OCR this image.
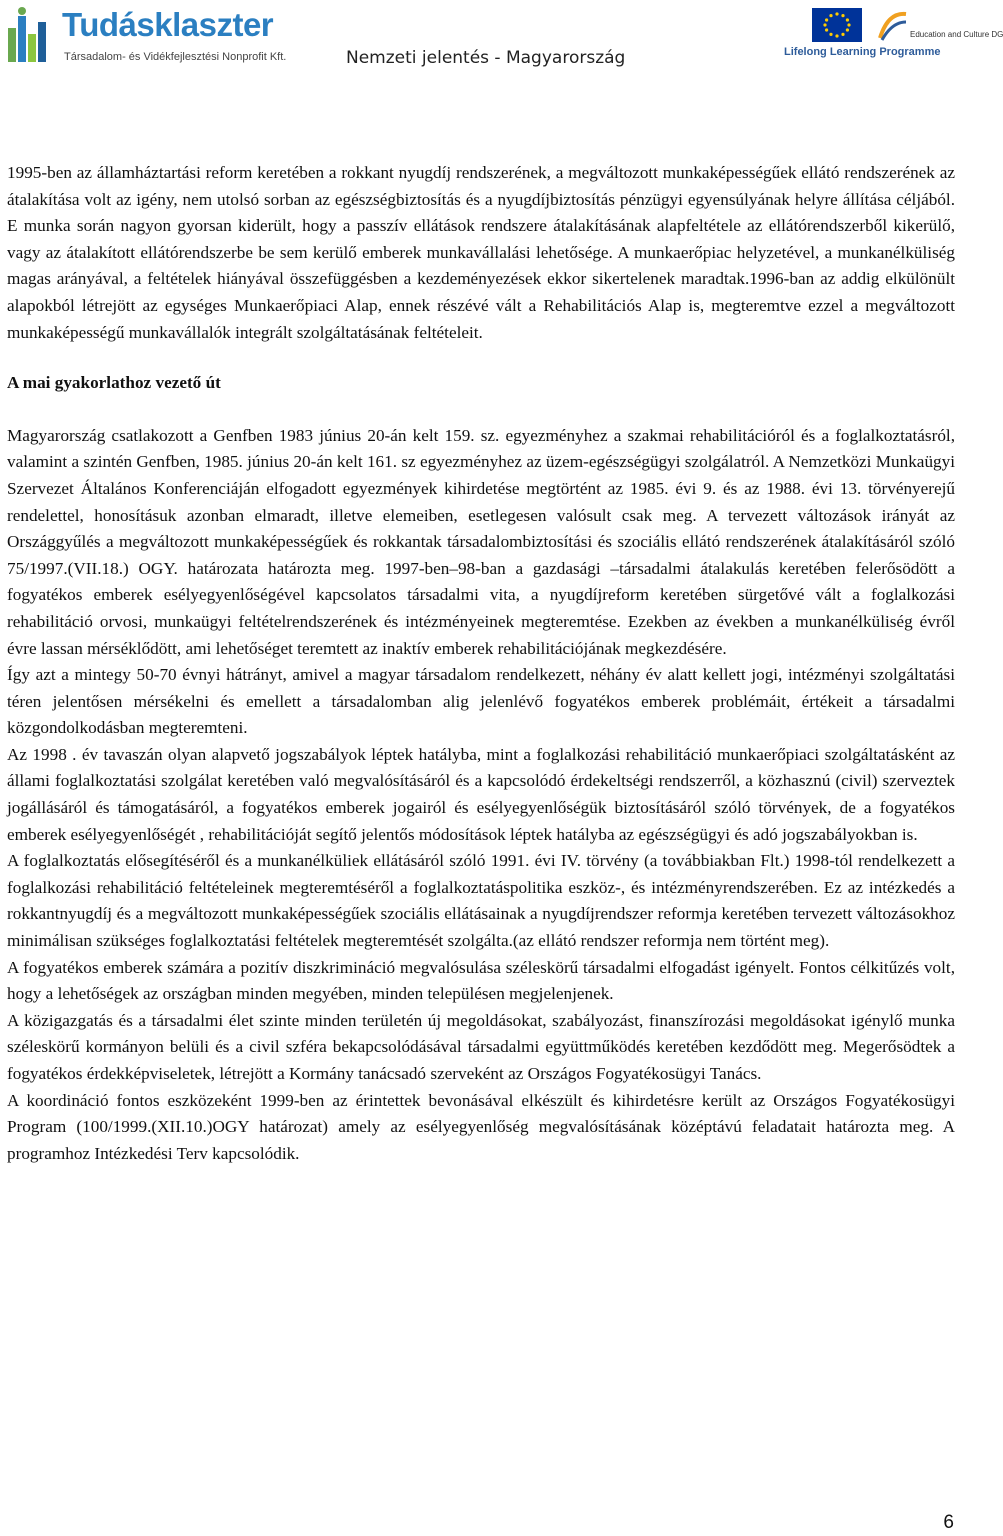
Tudásklaszter
Társadalom- és Vidékfejlesztési Nonprofit Kft.	Nemzeti jelentés - Magyarország
Education and Culture DG
Lifelong Learning Programme

1995-ben az államháztartási reform keretében a rokkant nyugdíj rendszerének, a megváltozott munkaképességűek ellátó rendszerének az átalakítása volt az igény, nem utolsó sorban az egészségbiztosítás és a nyugdíjbiztosítás pénzügyi egyensúlyának helyre állítása céljából. E munka során nagyon gyorsan kiderült, hogy a passzív ellátások rendszere átalakításának alapfeltétele az ellátórendszerből kikerülő, vagy az átalakított ellátórendszerbe be sem kerülő emberek munkavállalási lehetősége. A munkaerőpiac helyzetével, a munkanélküliség magas arányával, a feltételek hiányával összefüggésben a kezdeményezések ekkor sikertelenek maradtak.1996-ban az addig elkülönült alapokból létrejött az egységes Munkaerőpiaci Alap, ennek részévé vált a Rehabilitációs Alap is, megteremtve ezzel a megváltozott munkaképességű munkavállalók integrált szolgáltatásának feltételeit.

A mai gyakorlathoz vezető út

Magyarország csatlakozott a Genfben 1983 június 20-án kelt 159. sz. egyezményhez a szakmai rehabilitációról és a foglalkoztatásról, valamint a szintén Genfben, 1985. június 20-án kelt 161. sz egyezményhez az üzem-egészségügyi szolgálatról. A Nemzetközi Munkaügyi Szervezet Általános Konferenciáján elfogadott egyezmények kihirdetése megtörtént az 1985. évi 9. és az 1988. évi 13. törvényerejű rendelettel, honosításuk azonban elmaradt, illetve elemeiben, esetlegesen valósult csak meg. A tervezett változások irányát az Országgyűlés a megváltozott munkaképességűek és rokkantak társadalombiztosítási és szociális ellátó rendszerének átalakításáról szóló 75/1997.(VII.18.) OGY. határozata határozta meg. 1997-ben–98-ban a gazdasági –társadalmi átalakulás keretében felerősödött a fogyatékos emberek esélyegyenlőségével kapcsolatos társadalmi vita, a nyugdíjreform keretében sürgetővé vált a foglalkozási rehabilitáció orvosi, munkaügyi feltételrendszerének és intézményeinek megteremtése. Ezekben az években a munkanélküliség évről évre lassan mérséklődött, ami lehetőséget teremtett az inaktív emberek rehabilitációjának megkezdésére.

Így azt a mintegy 50-70 évnyi hátrányt, amivel a magyar társadalom rendelkezett, néhány év alatt kellett jogi, intézményi szolgáltatási téren jelentősen mérsékelni és emellett a társadalomban alig jelenlévő fogyatékos emberek problémáit, értékeit a társadalmi közgondolkodásban megteremteni.

Az 1998 . év tavaszán olyan alapvető jogszabályok léptek hatályba, mint a foglalkozási rehabilitáció munkaerőpiaci szolgáltatásként az állami foglalkoztatási szolgálat keretében való megvalósításáról és a kapcsolódó érdekeltségi rendszerről, a közhasznú (civil) szerveztek jogállásáról és támogatásáról, a fogyatékos emberek jogairól és esélyegyenlőségük biztosításáról szóló törvények, de a fogyatékos emberek esélyegyenlőségét , rehabilitációját segítő jelentős módosítások léptek hatályba az egészségügyi és adó jogszabályokban is.

A foglalkoztatás elősegítéséről és a munkanélküliek ellátásáról szóló 1991. évi IV. törvény (a továbbiakban Flt.) 1998-tól rendelkezett a foglalkozási rehabilitáció feltételeinek megteremtéséről a foglalkoztatáspolitika eszköz-, és intézményrendszerében. Ez az intézkedés a rokkantnyugdíj és a megváltozott munkaképességűek szociális ellátásainak a nyugdíjrendszer reformja keretében tervezett változásokhoz minimálisan szükséges foglalkoztatási feltételek megteremtését szolgálta.(az ellátó rendszer reformja nem történt meg).

A fogyatékos emberek számára a pozitív diszkrimináció megvalósulása széleskörű társadalmi elfogadást igényelt. Fontos célkitűzés volt, hogy a lehetőségek az országban minden megyében, minden településen megjelenjenek.

A közigazgatás és a társadalmi élet szinte minden területén új megoldásokat, szabályozást, finanszírozási megoldásokat igénylő munka széleskörű kormányon belüli és a civil szféra bekapcsolódásával társadalmi együttműködés keretében kezdődött meg. Megerősödtek a fogyatékos érdekképviseletek, létrejött a Kormány tanácsadó szerveként az Országos Fogyatékosügyi Tanács.

A koordináció fontos eszközeként 1999-ben az érintettek bevonásával elkészült és kihirdetésre került az Országos Fogyatékosügyi Program (100/1999.(XII.10.)OGY határozat) amely az esélyegyenlőség megvalósításának középtávú feladatait határozta meg. A programhoz Intézkedési Terv kapcsolódik.

6
